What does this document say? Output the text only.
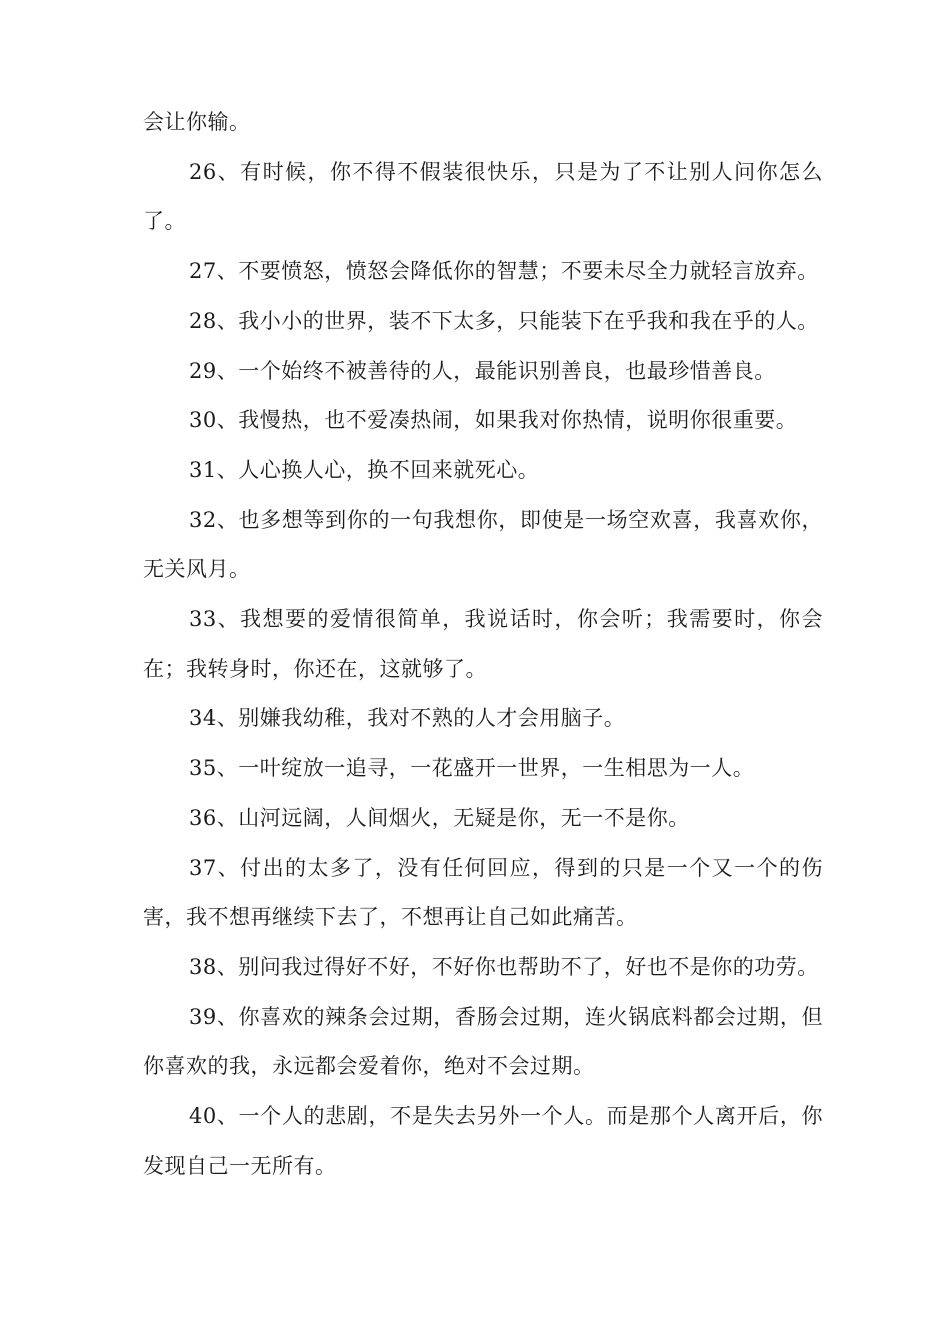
会让你输。

26、有时候，你不得不假装很快乐，只是为了不让别人问你怎么了。

27、不要愤怒，愤怒会降低你的智慧；不要未尽全力就轻言放弃。

28、我小小的世界，装不下太多，只能装下在乎我和我在乎的人。

29、一个始终不被善待的人，最能识别善良，也最珍惜善良。

30、我慢热，也不爱凑热闹，如果我对你热情，说明你很重要。

31、人心换人心，换不回来就死心。

32、也多想等到你的一句我想你，即使是一场空欢喜，我喜欢你，无关风月。

33、我想要的爱情很简单，我说话时，你会听；我需要时，你会在；我转身时，你还在，这就够了。

34、别嫌我幼稚，我对不熟的人才会用脑子。

35、一叶绽放一追寻，一花盛开一世界，一生相思为一人。

36、山河远阔，人间烟火，无疑是你，无一不是你。

37、付出的太多了，没有任何回应，得到的只是一个又一个的伤害，我不想再继续下去了，不想再让自己如此痛苦。

38、别问我过得好不好，不好你也帮助不了，好也不是你的功劳。

39、你喜欢的辣条会过期，香肠会过期，连火锅底料都会过期，但你喜欢的我，永远都会爱着你，绝对不会过期。

40、一个人的悲剧，不是失去另外一个人。而是那个人离开后，你发现自己一无所有。
